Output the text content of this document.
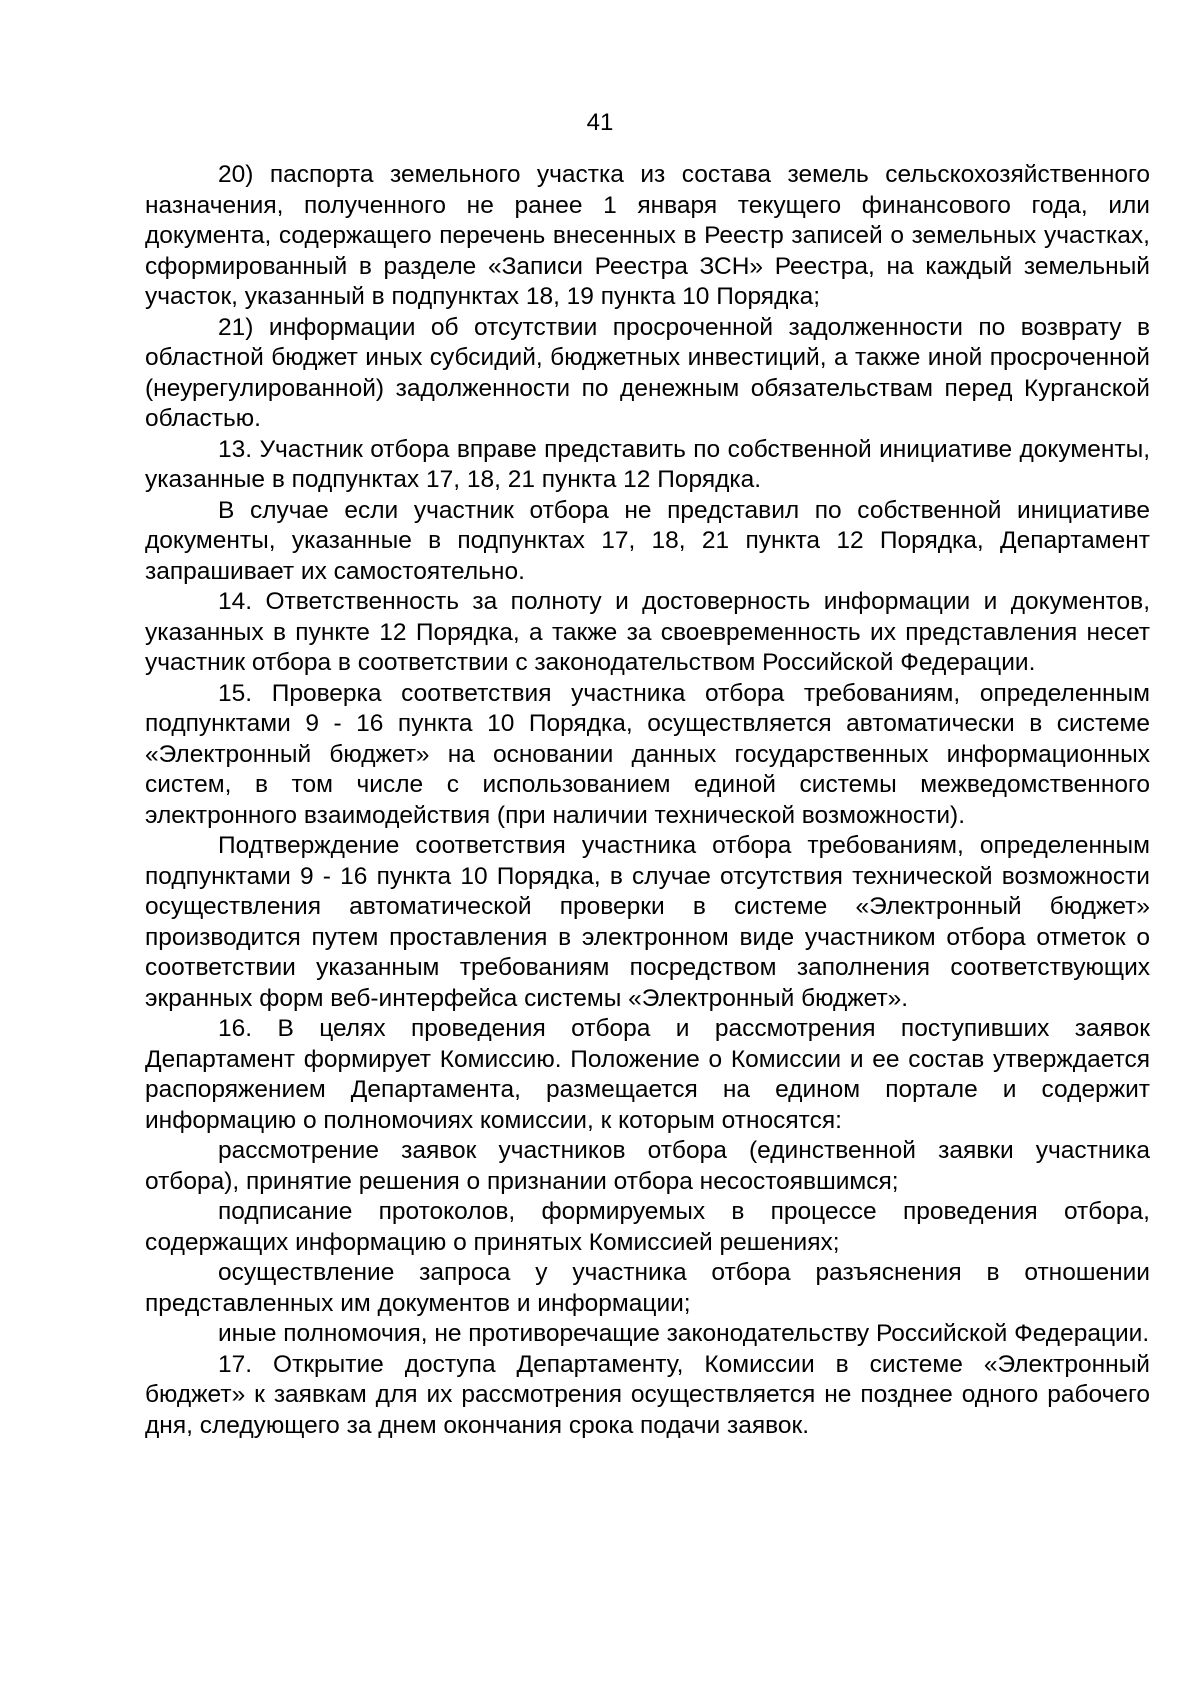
41

20) паспорта земельного участка из состава земель сельскохозяйственного назначения, полученного не ранее 1 января текущего финансового года, или документа, содержащего перечень внесенных в Реестр записей о земельных участках, сформированный в разделе «Записи Реестра ЗСН» Реестра, на каждый земельный участок, указанный в подпунктах 18, 19 пункта 10 Порядка;

21) информации об отсутствии просроченной задолженности по возврату в областной бюджет иных субсидий, бюджетных инвестиций, а также иной просроченной (неурегулированной) задолженности по денежным обязательствам перед Курганской областью.

13. Участник отбора вправе представить по собственной инициативе документы, указанные в подпунктах 17, 18, 21 пункта 12 Порядка.

В случае если участник отбора не представил по собственной инициативе документы, указанные в подпунктах 17, 18, 21 пункта 12 Порядка, Департамент запрашивает их самостоятельно.

14. Ответственность за полноту и достоверность информации и документов, указанных в пункте 12 Порядка, а также за своевременность их представления несет участник отбора в соответствии с законодательством Российской Федерации.

15. Проверка соответствия участника отбора требованиям, определенным подпунктами 9 - 16 пункта 10 Порядка, осуществляется автоматически в системе «Электронный бюджет» на основании данных государственных информационных систем, в том числе с использованием единой системы межведомственного электронного взаимодействия (при наличии технической возможности).

Подтверждение соответствия участника отбора требованиям, определенным подпунктами 9 - 16 пункта 10 Порядка, в случае отсутствия технической возможности осуществления автоматической проверки в системе «Электронный бюджет» производится путем проставления в электронном виде участником отбора отметок о соответствии указанным требованиям посредством заполнения соответствующих экранных форм веб-интерфейса системы «Электронный бюджет».

16. В целях проведения отбора и рассмотрения поступивших заявок Департамент формирует Комиссию. Положение о Комиссии и ее состав утверждается распоряжением Департамента, размещается на едином портале и содержит информацию о полномочиях комиссии, к которым относятся:

рассмотрение заявок участников отбора (единственной заявки участника отбора), принятие решения о признании отбора несостоявшимся;

подписание протоколов, формируемых в процессе проведения отбора, содержащих информацию о принятых Комиссией решениях;

осуществление запроса у участника отбора разъяснения в отношении представленных им документов и информации;

иные полномочия, не противоречащие законодательству Российской Федерации.

17. Открытие доступа Департаменту, Комиссии в системе «Электронный бюджет» к заявкам для их рассмотрения осуществляется не позднее одного рабочего дня, следующего за днем окончания срока подачи заявок.
